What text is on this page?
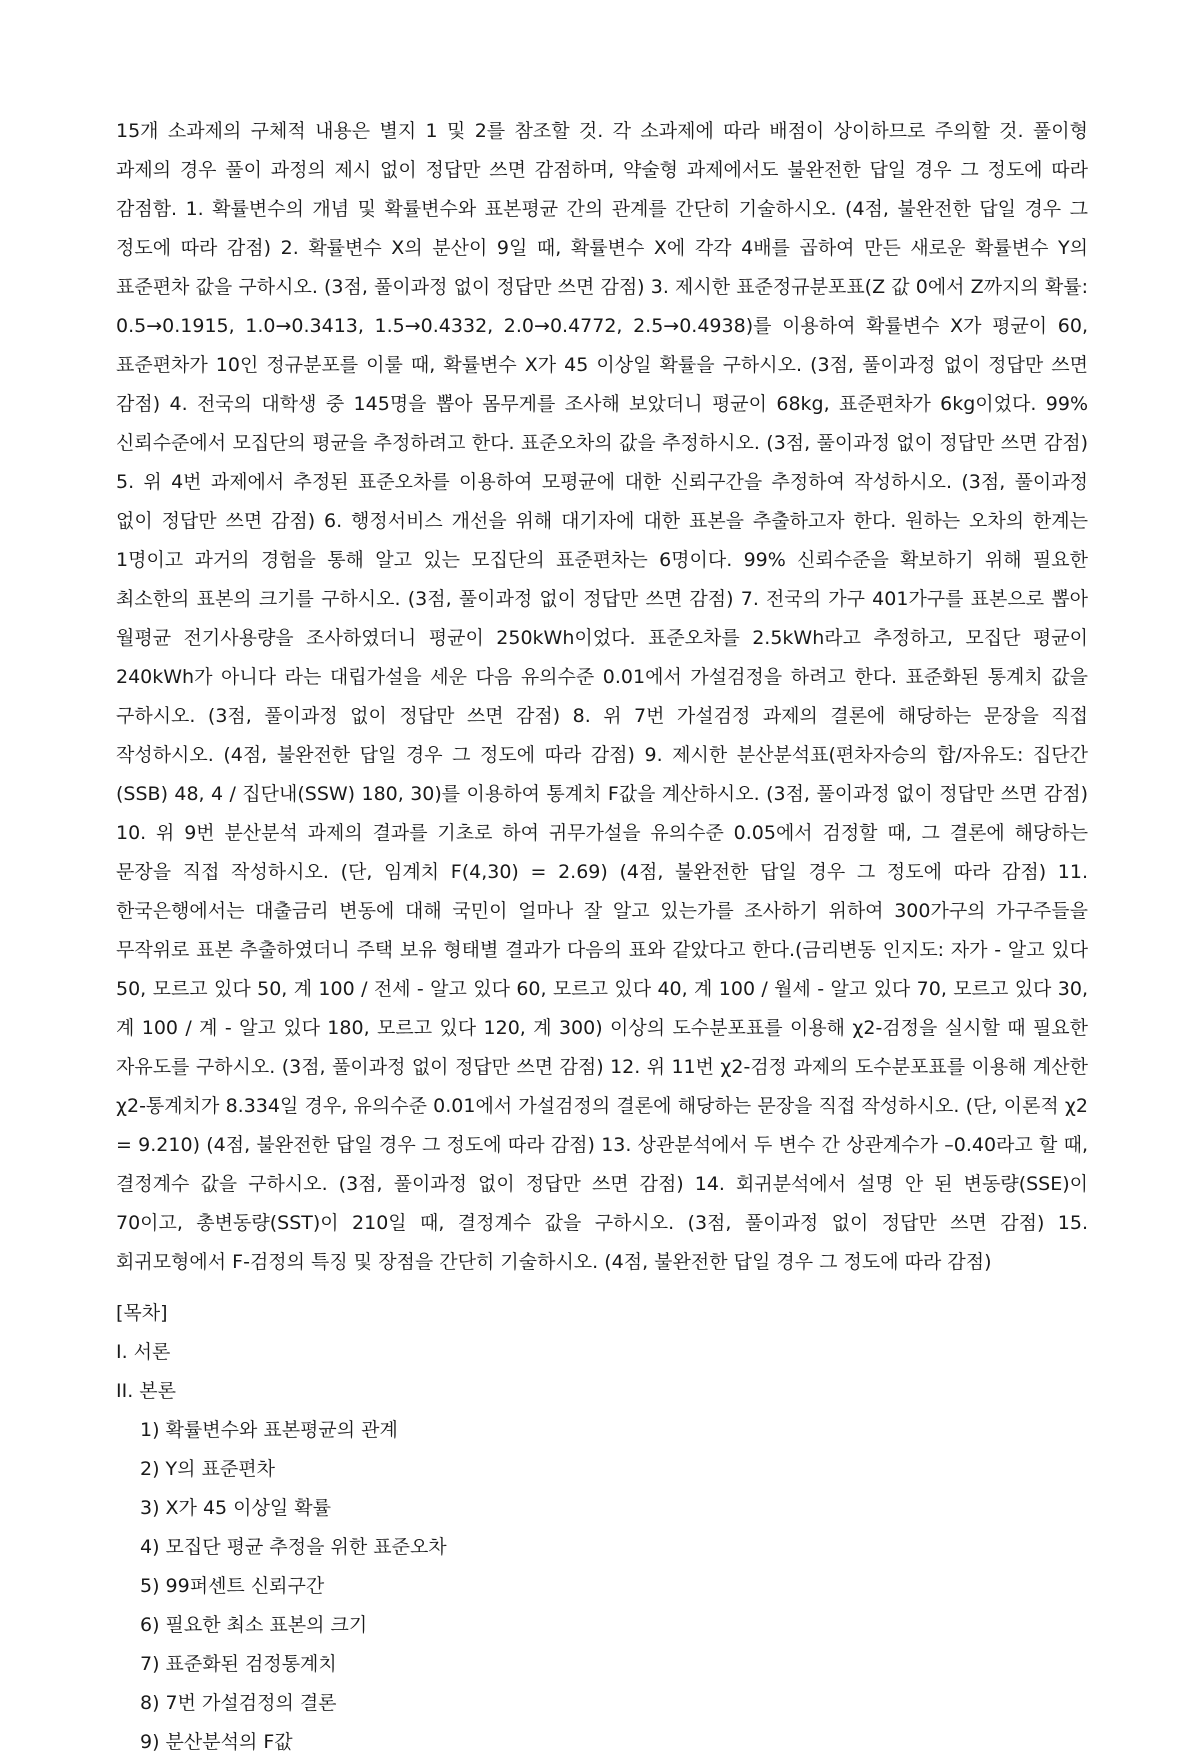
15개 소과제의 구체적 내용은 별지 1 및 2를 참조할 것. 각 소과제에 따라 배점이 상이하므로 주의할 것. 풀이형 과제의 경우 풀이 과정의 제시 없이 정답만 쓰면 감점하며, 약술형 과제에서도 불완전한 답일 경우 그 정도에 따라 감점함. 1. 확률변수의 개념 및 확률변수와 표본평균 간의 관계를 간단히 기술하시오. (4점, 불완전한 답일 경우 그 정도에 따라 감점) 2. 확률변수 X의 분산이 9일 때, 확률변수 X에 각각 4배를 곱하여 만든 새로운 확률변수 Y의 표준편차 값을 구하시오. (3점, 풀이과정 없이 정답만 쓰면 감점) 3. 제시한 표준정규분포표(Z 값 0에서 Z까지의 확률: 0.5→0.1915, 1.0→0.3413, 1.5→0.4332, 2.0→0.4772, 2.5→0.4938)를 이용하여 확률변수 X가 평균이 60, 표준편차가 10인 정규분포를 이룰 때, 확률변수 X가 45 이상일 확률을 구하시오. (3점, 풀이과정 없이 정답만 쓰면 감점) 4. 전국의 대학생 중 145명을 뽑아 몸무게를 조사해 보았더니 평균이 68kg, 표준편차가 6kg이었다. 99% 신뢰수준에서 모집단의 평균을 추정하려고 한다. 표준오차의 값을 추정하시오. (3점, 풀이과정 없이 정답만 쓰면 감점) 5. 위 4번 과제에서 추정된 표준오차를 이용하여 모평균에 대한 신뢰구간을 추정하여 작성하시오. (3점, 풀이과정 없이 정답만 쓰면 감점) 6. 행정서비스 개선을 위해 대기자에 대한 표본을 추출하고자 한다. 원하는 오차의 한계는 1명이고 과거의 경험을 통해 알고 있는 모집단의 표준편차는 6명이다. 99% 신뢰수준을 확보하기 위해 필요한 최소한의 표본의 크기를 구하시오. (3점, 풀이과정 없이 정답만 쓰면 감점) 7. 전국의 가구 401가구를 표본으로 뽑아 월평균 전기사용량을 조사하였더니 평균이 250kWh이었다. 표준오차를 2.5kWh라고 추정하고, 모집단 평균이 240kWh가 아니다 라는 대립가설을 세운 다음 유의수준 0.01에서 가설검정을 하려고 한다. 표준화된 통계치 값을 구하시오. (3점, 풀이과정 없이 정답만 쓰면 감점) 8. 위 7번 가설검정 과제의 결론에 해당하는 문장을 직접 작성하시오. (4점, 불완전한 답일 경우 그 정도에 따라 감점) 9. 제시한 분산분석표(편차자승의 합/자유도: 집단간(SSB) 48, 4 / 집단내(SSW) 180, 30)를 이용하여 통계치 F값을 계산하시오. (3점, 풀이과정 없이 정답만 쓰면 감점) 10. 위 9번 분산분석 과제의 결과를 기초로 하여 귀무가설을 유의수준 0.05에서 검정할 때, 그 결론에 해당하는 문장을 직접 작성하시오. (단, 임계치 F(4,30) = 2.69) (4점, 불완전한 답일 경우 그 정도에 따라 감점) 11. 한국은행에서는 대출금리 변동에 대해 국민이 얼마나 잘 알고 있는가를 조사하기 위하여 300가구의 가구주들을 무작위로 표본 추출하였더니 주택 보유 형태별 결과가 다음의 표와 같았다고 한다.(금리변동 인지도: 자가 - 알고 있다 50, 모르고 있다 50, 계 100 / 전세 - 알고 있다 60, 모르고 있다 40, 계 100 / 월세 - 알고 있다 70, 모르고 있다 30, 계 100 / 계 - 알고 있다 180, 모르고 있다 120, 계 300) 이상의 도수분포표를 이용해 χ2-검정을 실시할 때 필요한 자유도를 구하시오. (3점, 풀이과정 없이 정답만 쓰면 감점) 12. 위 11번 χ2-검정 과제의 도수분포표를 이용해 계산한 χ2-통계치가 8.334일 경우, 유의수준 0.01에서 가설검정의 결론에 해당하는 문장을 직접 작성하시오. (단, 이론적 χ2 = 9.210) (4점, 불완전한 답일 경우 그 정도에 따라 감점) 13. 상관분석에서 두 변수 간 상관계수가 –0.40라고 할 때, 결정계수 값을 구하시오. (3점, 풀이과정 없이 정답만 쓰면 감점) 14. 회귀분석에서 설명 안 된 변동량(SSE)이 70이고, 총변동량(SST)이 210일 때, 결정계수 값을 구하시오. (3점, 풀이과정 없이 정답만 쓰면 감점) 15. 회귀모형에서 F-검정의 특징 및 장점을 간단히 기술하시오. (4점, 불완전한 답일 경우 그 정도에 따라 감점)

[목차]

I. 서론

II. 본론

1) 확률변수와 표본평균의 관계
2) Y의 표준편차
3) X가 45 이상일 확률
4) 모집단 평균 추정을 위한 표준오차
5) 99퍼센트 신뢰구간
6) 필요한 최소 표본의 크기
7) 표준화된 검정통계치
8) 7번 가설검정의 결론
9) 분산분석의 F값
